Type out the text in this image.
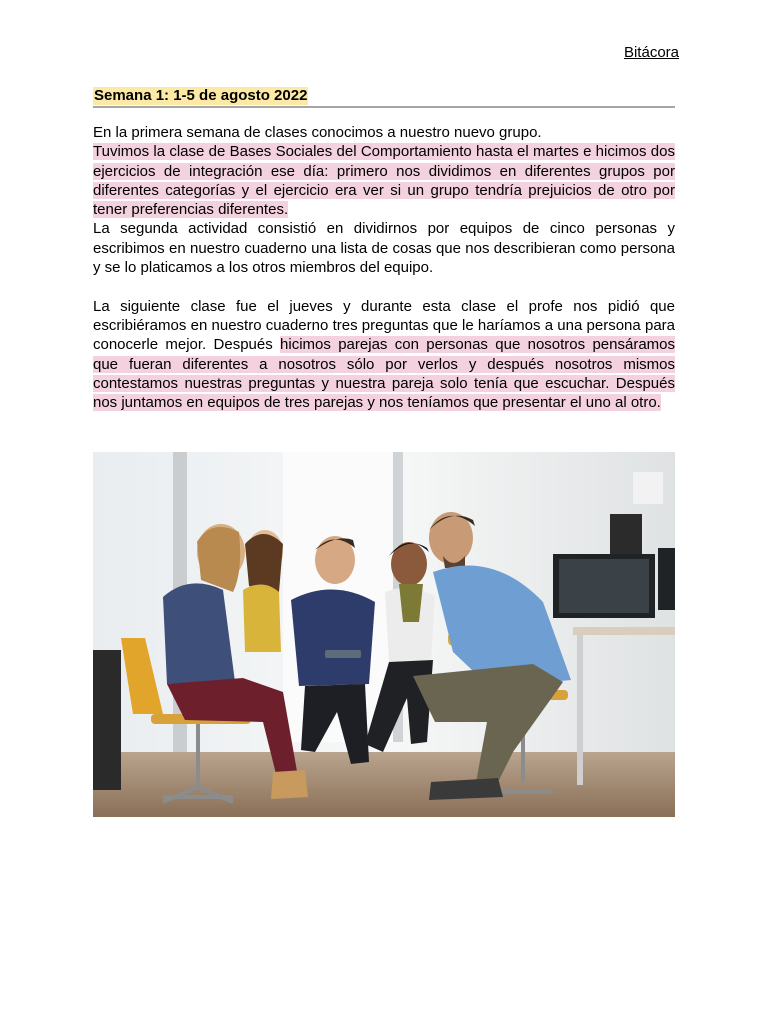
Bitácora
Semana 1: 1-5 de agosto 2022

En la primera semana de clases conocimos a nuestro nuevo grupo.
Tuvimos la clase de Bases Sociales del Comportamiento hasta el martes e hicimos dos ejercicios de integración ese día: primero nos dividimos en diferentes grupos por diferentes categorías y el ejercicio era ver si un grupo tendría prejuicios de otro por tener preferencias diferentes.

La segunda actividad consistió en dividirnos por equipos de cinco personas y escribimos en nuestro cuaderno una lista de cosas que nos describieran como persona y se lo platicamos a los otros miembros del equipo.

La siguiente clase fue el jueves y durante esta clase el profe nos pidió que escribiéramos en nuestro cuaderno tres preguntas que le haríamos a una persona para conocerle mejor. Después hicimos parejas con personas que nosotros pensáramos que fueran diferentes a nosotros sólo por verlos y después nosotros mismos contestamos nuestras preguntas y nuestra pareja solo tenía que escuchar. Después nos juntamos en equipos de tres parejas y nos teníamos que presentar el uno al otro.
